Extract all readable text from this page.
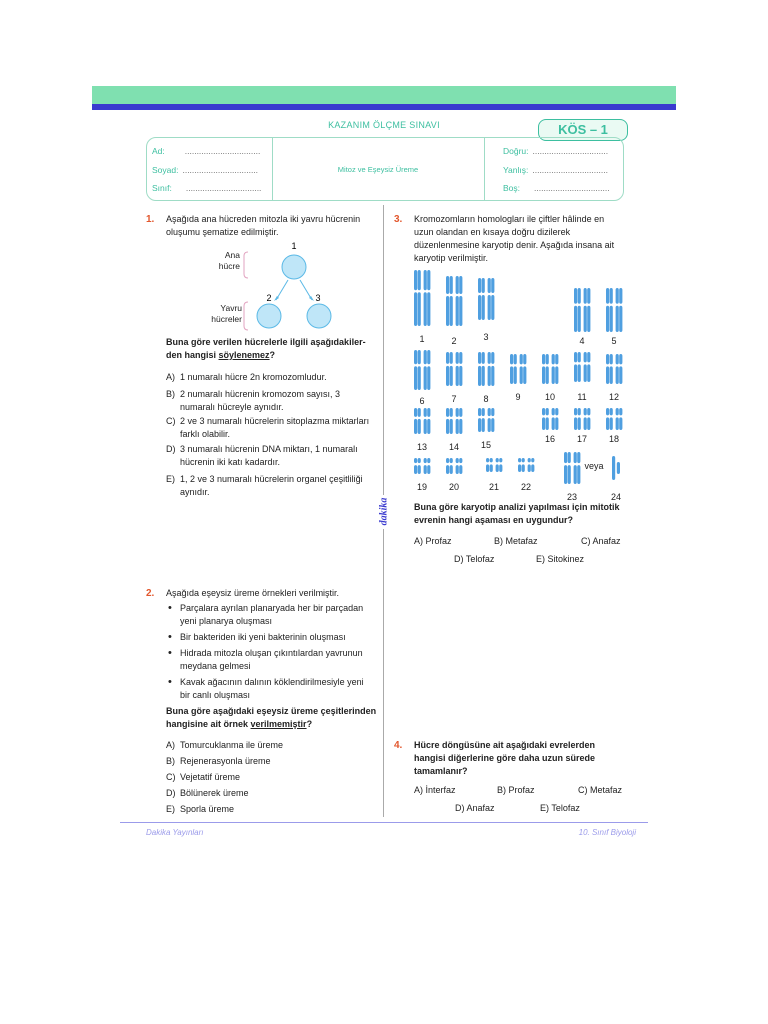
KAZANIM ÖLÇME SINAVI	KÖS – 1
Ad: ................................
Soyad: ................................
Sınıf: ................................
Mitoz ve Eşeysiz Üreme
Doğru: ................................
Yanlış: ................................
Boş: ................................
dakika
1. Aşağıda ana hücreden mitozla iki yavru hücrenin oluşumu şematize edilmiştir.
Ana
hücre
Yavru
hücreler
1
2	3
Buna göre verilen hücrelerle ilgili aşağıdakiler-den hangisi söylenemez?
A) 1 numaralı hücre 2n kromozomludur.
B) 2 numaralı hücrenin kromozom sayısı, 3 numaralı hücreyle aynıdır.
C) 2 ve 3 numaralı hücrelerin sitoplazma miktarları farklı olabilir.
D) 3 numaralı hücrenin DNA miktarı, 1 numaralı hücrenin iki katı kadardır.
E) 1, 2 ve 3 numaralı hücrelerin organel çeşitliliği aynıdır.
2. Aşağıda eşeysiz üreme örnekleri verilmiştir.
• Parçalara ayrılan planaryada her bir parçadan yeni planarya oluşması
• Bir bakteriden iki yeni bakterinin oluşması
• Hidrada mitozla oluşan çıkıntılardan yavrunun meydana gelmesi
• Kavak ağacının dalının köklendirilmesiyle yeni bir canlı oluşması
Buna göre aşağıdaki eşeysiz üreme çeşitlerinden hangisine ait örnek verilmemiştir?
A) Tomurcuklanma ile üreme
B) Rejenerasyonla üreme
C) Vejetatif üreme
D) Bölünerek üreme
E) Sporla üreme
3. Kromozomların homologları ile çiftler hâlinde en uzun olandan en kısaya doğru dizilerek düzenlenmesine karyotip denir. Aşağıda insana ait karyotip verilmiştir.
1	2	3	4	5
6	7	8	9	10 11 12
13 14 15
16 17 18
19 20	21 22
23	24
veya
Buna göre karyotip analizi yapılması için mitotik evrenin hangi aşaması en uygundur?
A) Profaz	B) Metafaz	C) Anafaz
D) Telofaz	E) Sitokinez
4. Hücre döngüsüne ait aşağıdaki evrelerden hangisi diğerlerine göre daha uzun sürede tamamlanır?
A) İnterfaz	B) Profaz	C) Metafaz
D) Anafaz	E) Telofaz
Dakika Yayınları	10. Sınıf Biyoloji
